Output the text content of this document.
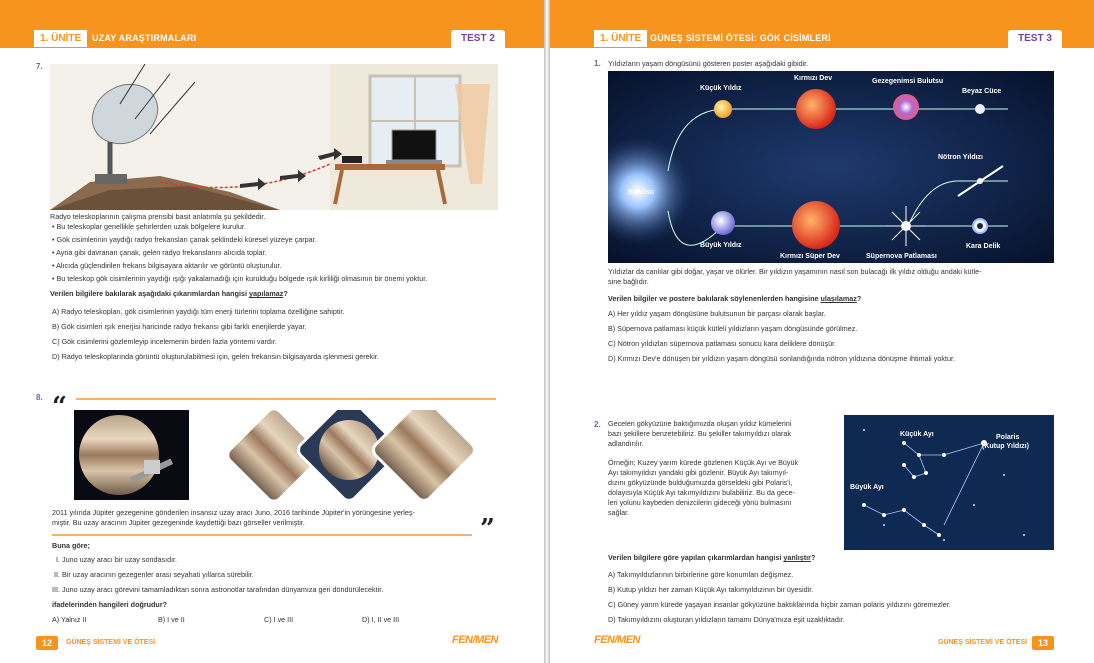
1. ÜNİTE	UZAY ARAŞTIRMALARI	TEST 2
7.
Radyo teleskoplarının çalışma prensibi basit anlatımla şu şekildedir.
• Bu teleskoplar genellikle şehirlerden uzak bölgelere kurulur.
• Gök cisimlerinin yaydığı radyo frekansları çanak şeklindeki küresel yüzeye çarpar.
• Ayna gibi davranan çanak, gelen radyo frekanslarını alıcıda toplar.
• Alıcıda güçlendirilen frekans bilgisayara aktarılır ve görüntü oluşturulur.
• Bu teleskop gök cisimlerinin yaydığı ışığı yakalamadığı için kurulduğu bölgede ışık kirliliği olmasının bir önemi yoktur.
Verilen bilgilere bakılarak aşağıdaki çıkarımlardan hangisi yapılamaz?
A) Radyo teleskopları, gök cisimlerinin yaydığı tüm enerji türlerini toplama özelliğine sahiptir.
B) Gök cisimleri ışık enerjisi haricinde radyo frekansı gibi farklı enerjilerde yayar.
C) Gök cisimlerini gözlemleyip incelemenin birden fazla yöntemi vardır.
D) Radyo teleskoplarında görüntü oluşturulabilmesi için, gelen frekansın bilgisayarda işlenmesi gerekir.
8. “
2011 yılında Jüpiter gezegenine gönderilen insansız uzay aracı Juno, 2016 tarihinde Jüpiter'in yörüngesine yerleş-
miştir. Bu uzay aracının Jüpiter gezegeninde kaydettiği bazı görseller verilmiştir.	”
Buna göre;
I. Juno uzay aracı bir uzay sondasıdır.
II. Bir uzay aracının gezegenler arası seyahati yıllarca sürebilir.
III. Juno uzay aracı görevini tamamladıktan sonra astronotlar tarafından dünyamıza geri döndürülecektir.
ifadelerinden hangileri doğrudur?
A) Yalnız II	B) I ve II	C) I ve III	D) I, II ve III
12	GÜNEŞ SİSTEMİ VE ÖTESİ	FEN/MEN
1. ÜNİTE GÜNEŞ SİSTEMİ ÖTESİ: GÖK CİSİMLERİ	TEST 3
1. Yıldızların yaşam döngüsünü gösteren poster aşağıdaki gibidir.
Küçük Yıldız
Kırmızı Dev	Gezegenimsi Bulutsu
Beyaz Cüce
Nötron Yıldızı
Bulutsu
Büyük Yıldız
Kırmızı Süper Dev	Süpernova Patlaması
Kara Delik
Yıldızlar da canlılar gibi doğar, yaşar ve ölürler. Bir yıldızın yaşamının nasıl son bulacağı ilk yıldız olduğu andaki kütle-
sine bağlıdır.
Verilen bilgiler ve postere bakılarak söylenenlerden hangisine ulaşılamaz?
A) Her yıldız yaşam döngüsüne bulutsunun bir parçası olarak başlar.
B) Süpernova patlaması küçük kütleli yıldızların yaşam döngüsünde görülmez.
C) Nötron yıldızları süpernova patlaması sonucu kara deliklere dönüşür.
D) Kırmızı Dev'e dönüşen bir yıldızın yaşam döngüsü sonlandığında nötron yıldızına dönüşme ihtimali yoktur.
2. Geceleri gökyüzüne baktığımızda oluşan yıldız kümelerini
bazı şekillere benzetebiliriz. Bu şekiller takımyıldızı olarak
adlandırılır.
Örneğin; Kuzey yarım kürede gözlenen Küçük Ayı ve Büyük
Ayı takımyıldızı yandaki gibi gözlenir. Büyük Ayı takımyıl-
dızını gökyüzünde bulduğumuzda görseldeki gibi Polaris'i,
dolayısıyla Küçük Ayı takımyıldızını bulabiliriz. Bu da gece-
leri yolunu kaybeden denizcilerin gideceği yönü bulmasını
sağlar.
Küçük Ayı	Polaris
(Kutup Yıldızı)
Büyük Ayı
Verilen bilgilere göre yapılan çıkarımlardan hangisi yanlıştır?
A) Takımyıldızlarının birbirlerine göre konumları değişmez.
B) Kutup yıldızı her zaman Küçük Ayı takımyıldızının bir üyesidir.
C) Güney yarım kürede yaşayan insanlar gökyüzüne baktıklarında hiçbir zaman polaris yıldızını göremezler.
D) Takımyıldızını oluşturan yıldızların tamamı Dünya'mıza eşit uzaklıktadır.
FEN/MEN	GÜNEŞ SİSTEMİ VE ÖTESİ	13
